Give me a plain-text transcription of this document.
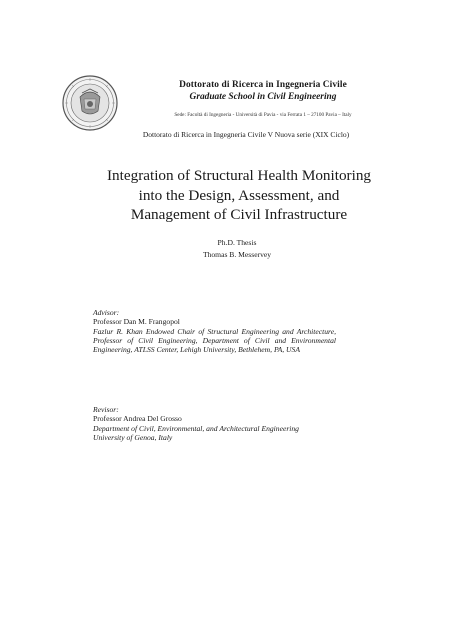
Dottorato di Ricerca in Ingegneria Civile
Graduate School in Civil Engineering
Sede: Facoltà di Ingegneria - Università di Pavia - via Ferrata 1 – 27100 Pavia – Italy
Dottorato di Ricerca in Ingegneria Civile V Nuova serie (XIX Ciclo)
Integration of Structural Health Monitoring
into the Design, Assessment, and
Management of Civil Infrastructure
Ph.D. Thesis
Thomas B. Messervey
Advisor:
Professor Dan M. Frangopol
Fazlur R. Khan Endowed Chair of Structural Engineering and Architecture, Professor of Civil Engineering, Department of Civil and Environmental Engineering, ATLSS Center, Lehigh University, Bethlehem, PA, USA
Revisor:
Professor Andrea Del Grosso
Department of Civil, Environmental, and Architectural Engineering
University of Genoa, Italy
